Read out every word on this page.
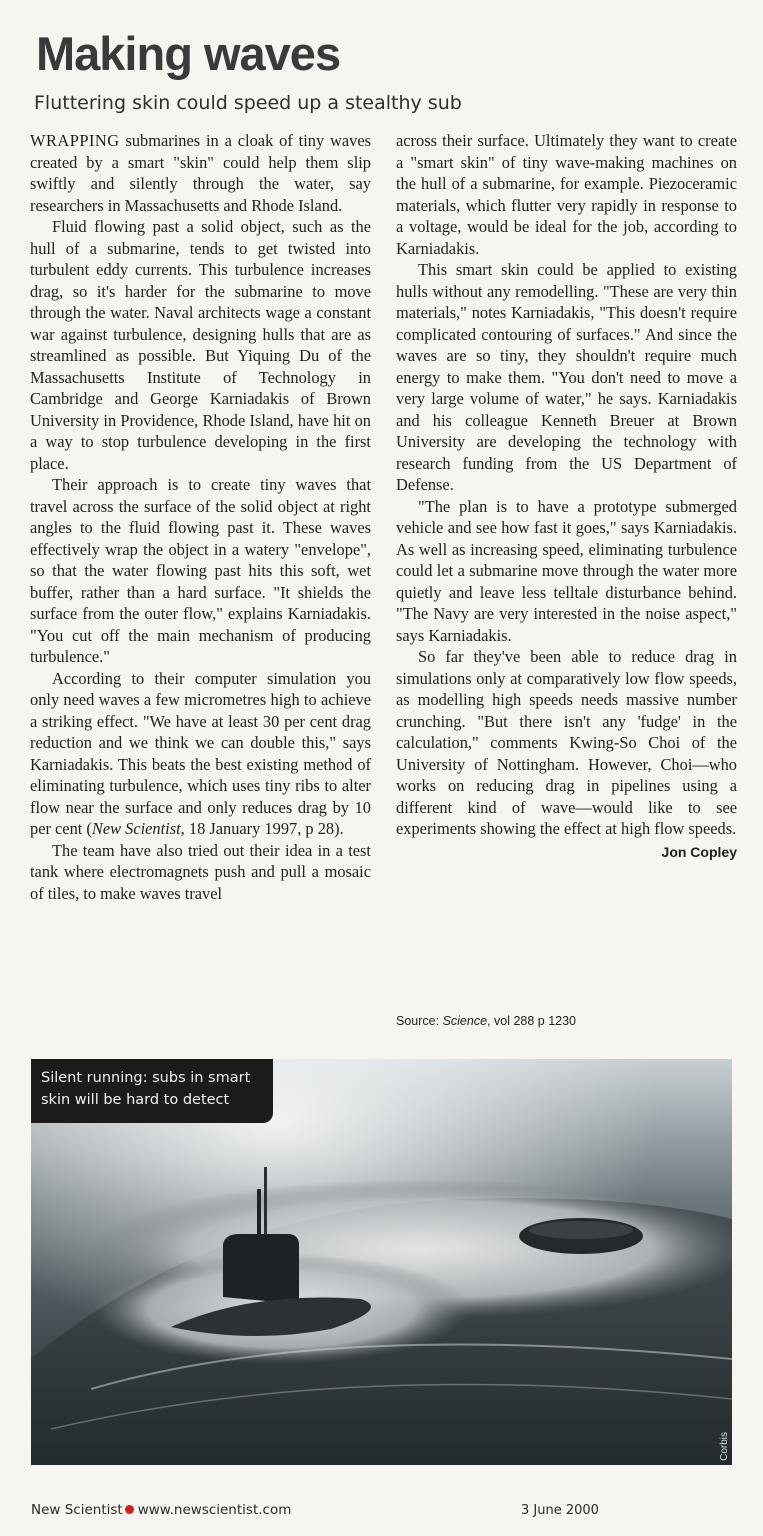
Making waves
Fluttering skin could speed up a stealthy sub

WRAPPING submarines in a cloak of tiny waves created by a smart "skin" could help them slip swiftly and silently through the water, say researchers in Massachusetts and Rhode Island.

Fluid flowing past a solid object, such as the hull of a submarine, tends to get twisted into turbulent eddy currents. This turbulence increases drag, so it's harder for the submarine to move through the water. Naval architects wage a constant war against turbulence, designing hulls that are as streamlined as possible. But Yiquing Du of the Massachusetts Institute of Technology in Cambridge and George Karniadakis of Brown University in Providence, Rhode Island, have hit on a way to stop turbulence developing in the first place.

Their approach is to create tiny waves that travel across the surface of the solid object at right angles to the fluid flowing past it. These waves effectively wrap the object in a watery "envelope", so that the water flowing past hits this soft, wet buffer, rather than a hard surface. "It shields the surface from the outer flow," explains Karniadakis. "You cut off the main mechanism of producing turbulence."

According to their computer simulation you only need waves a few micrometres high to achieve a striking effect. "We have at least 30 per cent drag reduction and we think we can double this," says Karniadakis. This beats the best existing method of eliminating turbulence, which uses tiny ribs to alter flow near the surface and only reduces drag by 10 per cent (New Scientist, 18 January 1997, p 28).

The team have also tried out their idea in a test tank where electromagnets push and pull a mosaic of tiles, to make waves travel

across their surface. Ultimately they want to create a "smart skin" of tiny wave-making machines on the hull of a submarine, for example. Piezoceramic materials, which flutter very rapidly in response to a voltage, would be ideal for the job, according to Karniadakis.

This smart skin could be applied to existing hulls without any remodelling. "These are very thin materials," notes Karniadakis, "This doesn't require complicated contouring of surfaces." And since the waves are so tiny, they shouldn't require much energy to make them. "You don't need to move a very large volume of water," he says. Karniadakis and his colleague Kenneth Breuer at Brown University are developing the technology with research funding from the US Department of Defense.

"The plan is to have a prototype submerged vehicle and see how fast it goes," says Karniadakis. As well as increasing speed, eliminating turbulence could let a submarine move through the water more quietly and leave less telltale disturbance behind. "The Navy are very interested in the noise aspect," says Karniadakis.

So far they've been able to reduce drag in simulations only at comparatively low flow speeds, as modelling high speeds needs massive number crunching. "But there isn't any 'fudge' in the calculation," comments Kwing-So Choi of the University of Nottingham. However, Choi—who works on reducing drag in pipelines using a different kind of wave—would like to see experiments showing the effect at high flow speeds.
Jon Copley

Source: Science, vol 288 p 1230
Silent running: subs in smart
skin will be hard to detect
Corbis
New Scientist www.newscientist.com	3 June 2000
